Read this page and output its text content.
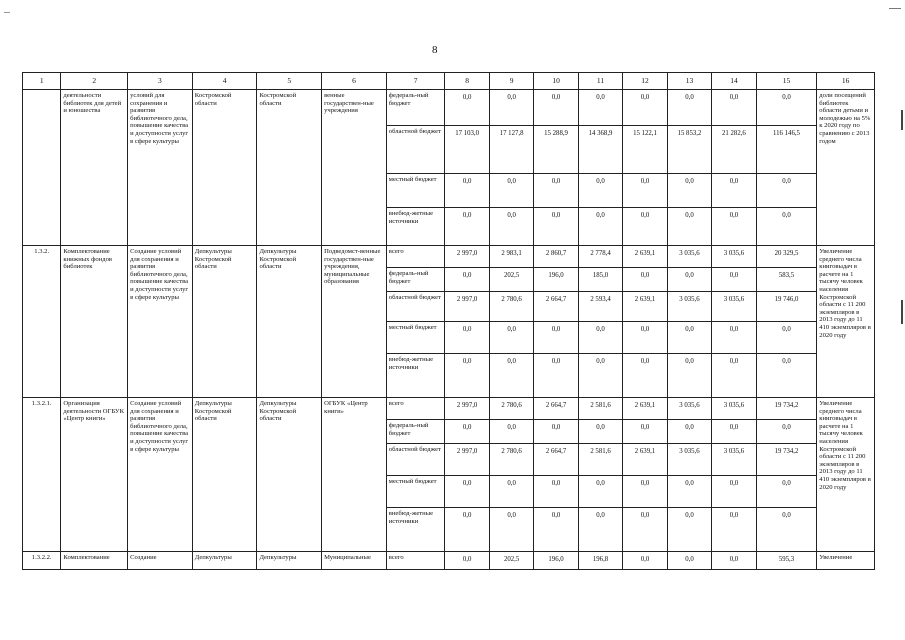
8
1	2	3	4	5	6	7	8	9	10	11	12	13	14	15	16
	деятельности библиотек для детей и юношества	условий для сохранения и развития библиотечного дела, повышение качества и доступности услуг в сфере культуры	Костромской области	Костромской области	венные государствен-ные учреждения	федераль-ный бюджет	0,0	0,0	0,0	0,0	0,0	0,0	0,0	0,0	доли посещений библиотек области детьми и молодежью на 5% к 2020 году по сравнению с 2013 годом
						областной бюджет	17 103,0	17 127,8	15 288,9	14 368,9	15 122,1	15 853,2	21 282,6	116 146,5	
						местный бюджет	0,0	0,0	0,0	0,0	0,0	0,0	0,0	0,0	
						внебюд-жетные источники	0,0	0,0	0,0	0,0	0,0	0,0	0,0	0,0	
1.3.2.	Комплектование книжных фондов библиотек	Создание условий для сохранения и развития библиотечного дела, повышение качества и доступности услуг в сфере культуры	Депкультуры Костромской области	Депкультуры Костромской области	Подведомст-венные государствен-ные учреждения, муниципальные образования	всего	2 997,0	2 983,1	2 860,7	2 778,4	2 639,1	3 035,6	3 035,6	20 329,5	Увеличение среднего числа книговыдач в расчете на 1 тысячу человек населения Костромской области с 11 200 экземпляров в 2013 году до 11 410 экземпляров в 2020 году
						федераль-ный бюджет	0,0	202,5	196,0	185,0	0,0	0,0	0,0	583,5	
						областной бюджет	2 997,0	2 780,6	2 664,7	2 593,4	2 639,1	3 035,6	3 035,6	19 746,0	
						местный бюджет	0,0	0,0	0,0	0,0	0,0	0,0	0,0	0,0	
						внебюд-жетные источники	0,0	0,0	0,0	0,0	0,0	0,0	0,0	0,0	
1.3.2.1.	Организация деятельности ОГБУК «Центр книги»	Создание условий для сохранения и развития библиотечного дела, повышение качества и доступности услуг в сфере культуры	Депкультуры Костромской области	Депкультуры Костромской области	ОГБУК «Центр книги»	всего	2 997,0	2 780,6	2 664,7	2 581,6	2 639,1	3 035,6	3 035,6	19 734,2	Увеличение среднего числа книговыдач в расчете на 1 тысячу человек населения Костромской области с 11 200 экземпляров в 2013 году до 11 410 экземпляров в 2020 году
						федераль-ный бюджет	0,0	0,0	0,0	0,0	0,0	0,0	0,0	0,0	
						областной бюджет	2 997,0	2 780,6	2 664,7	2 581,6	2 639,1	3 035,6	3 035,6	19 734,2	
						местный бюджет	0,0	0,0	0,0	0,0	0,0	0,0	0,0	0,0	
						внебюд-жетные источники	0,0	0,0	0,0	0,0	0,0	0,0	0,0	0,0	
1.3.2.2.	Комплектование	Создание	Депкультуры	Депкультуры	Муниципальные	всего	0,0	202,5	196,0	196,8	0,0	0,0	0,0	595,3	Увеличение
